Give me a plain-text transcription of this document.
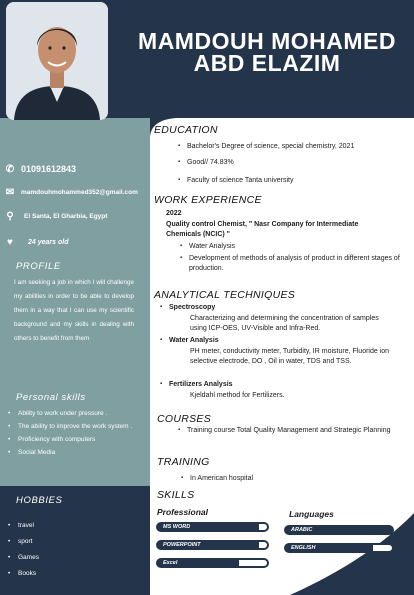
MAMDOUH MOHAMED
ABD ELAZIM
✆ 01091612843
✉ mamdouhmohammed352@gmail.com
⚲	El Santa, El Gharbia, Egypt
♥	24 years old
PROFILE
I am seeking a job in which I will challenge my abilities in order to be able to develop them in a way that I can use my scientific background and my skills in dealing with others to benefit from them
Personal skills
• Ability to work under pressure .
• The ability to improve the work system .
• Proficiency with computers
• Social Media
HOBBIES
• travel
• sport
• Games
• Books
EDUCATION
▪ Bachelor's Degree of science, special chemistry, 2021
▪ Good// 74.83%
▪ Faculty of science Tanta university
WORK EXPERIENCE
2022
Quality control Chemist, " Nasr Company for Intermediate
Chemicals (NCIC) "
▪ Water Analysis
▪ Development of methods of analysis of product in different stages of production.
ANALYTICAL TECHNIQUES
▪ Spectroscopy
Characterizing and determining the concentration of samples using ICP-OES, UV-Visible and Infra-Red.
▪ Water Analysis
PH meter, conductivity meter, Turbidity, IR moisture, Fluoride ion selective electrode, DO , Oil in water, TDS and TSS.
▪ Fertilizers Analysis
Kjeldahl method for Fertilizers.
COURSES
▪ Training course Total Quality Management and Strategic Planning
TRAINING
▪ In American hospital
SKILLS
Professional	Languages
MS WORD
POWERPOINT
Excel
ARABIC
ENGLISH
